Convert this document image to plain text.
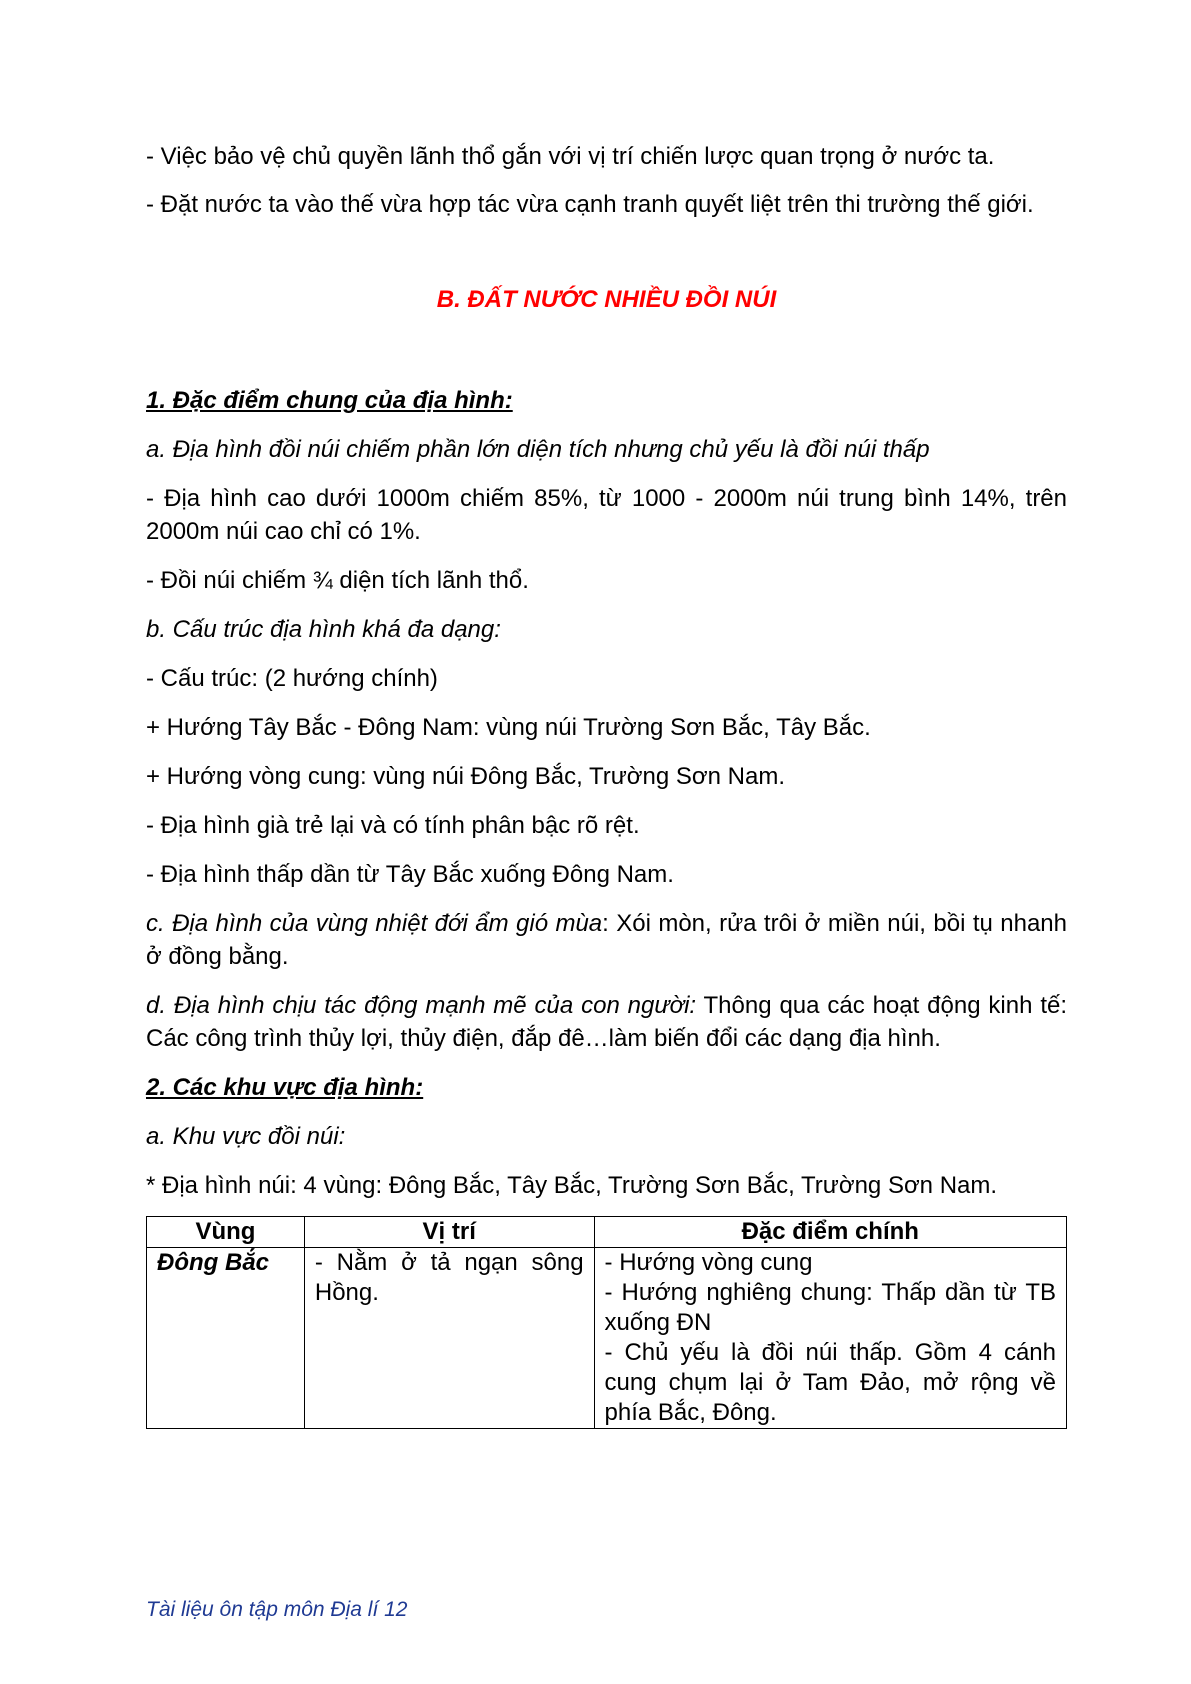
- Việc bảo vệ chủ quyền lãnh thổ gắn với vị trí chiến lược quan trọng ở nước ta.

- Đặt nước ta vào thế vừa hợp tác vừa cạnh tranh quyết liệt trên thi trường thế giới.

B. ĐẤT NƯỚC NHIỀU ĐỒI NÚI
1. Đặc điểm chung của địa hình:

a. Địa hình đồi núi chiếm phần lớn diện tích nhưng chủ yếu là đồi núi thấp

- Địa hình cao dưới 1000m chiếm 85%, từ 1000 - 2000m núi trung bình 14%, trên 2000m núi cao chỉ có 1%.

- Đồi núi chiếm ¾ diện tích lãnh thổ.

b. Cấu trúc địa hình khá đa dạng:

- Cấu trúc: (2 hướng chính)

+ Hướng Tây Bắc - Đông Nam: vùng núi Trường Sơn Bắc, Tây Bắc.

+ Hướng vòng cung: vùng núi Đông Bắc, Trường Sơn Nam.

- Địa hình già trẻ lại và có tính phân bậc rõ rệt.

- Địa hình thấp dần từ Tây Bắc xuống Đông Nam.

c. Địa hình của vùng nhiệt đới ẩm gió mùa: Xói mòn, rửa trôi ở miền núi, bồi tụ nhanh ở đồng bằng.

d. Địa hình chịu tác động mạnh mẽ của con người: Thông qua các hoạt động kinh tế: Các công trình thủy lợi, thủy điện, đắp đê…làm biến đổi các dạng địa hình.

2. Các khu vực địa hình:

a. Khu vực đồi núi:

* Địa hình núi: 4 vùng: Đông Bắc, Tây Bắc, Trường Sơn Bắc, Trường Sơn Nam.

Vùng	Vị trí	Đặc điểm chính
Đông Bắc	- Nằm ở tả ngạn sông Hồng.	- Hướng vòng cung
- Hướng nghiêng chung: Thấp dần từ TB xuống ĐN
- Chủ yếu là đồi núi thấp. Gồm 4 cánh cung chụm lại ở Tam Đảo, mở rộng về phía Bắc, Đông.
Tài liệu ôn tập môn Địa lí 12
